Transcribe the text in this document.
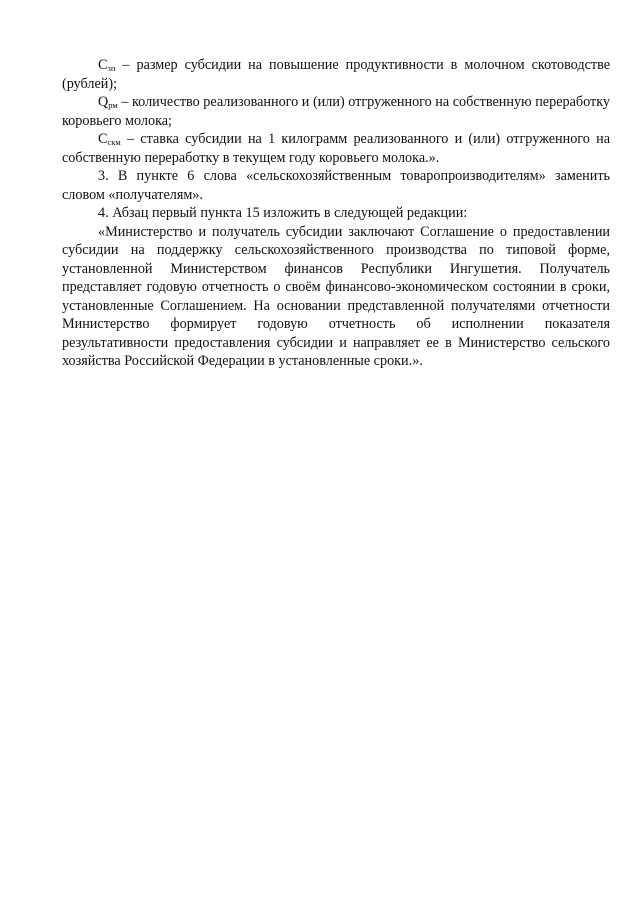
$C_{зп}$ – размер субсидии на повышение продуктивности в молочном скотоводстве (рублей);

$Q_{рм}$ – количество реализованного и (или) отгруженного на собственную переработку коровьего молока;

$C_{скм}$ – ставка субсидии на 1 килограмм реализованного и (или) отгруженного на собственную переработку в текущем году коровьего молока.».

3. В пункте 6 слова «сельскохозяйственным товаропроизводителям» заменить словом «получателям».

4. Абзац первый пункта 15 изложить в следующей редакции:

«Министерство и получатель субсидии заключают Соглашение о предоставлении субсидии на поддержку сельскохозяйственного производства по типовой форме, установленной Министерством финансов Республики Ингушетия. Получатель представляет годовую отчетность о своём финансово-экономическом состоянии в сроки, установленные Соглашением. На основании представленной получателями отчетности Министерство формирует годовую отчетность об исполнении показателя результативности предоставления субсидии и направляет ее в Министерство сельского хозяйства Российской Федерации в установленные сроки.».
